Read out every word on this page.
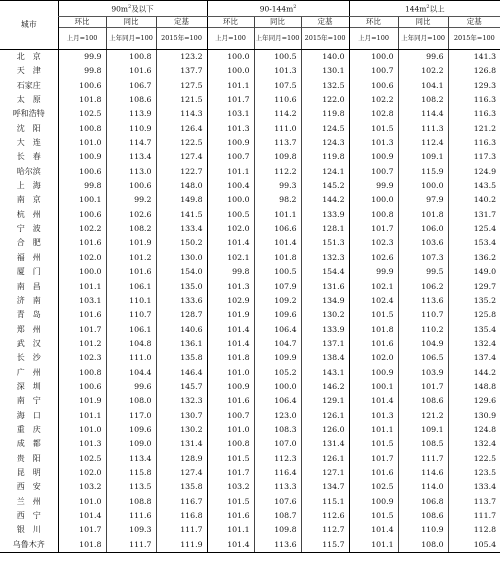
城市	$90m^2$及以下			$90-144m^2$			$144m^2$以上		
	环比	同比	定基	环比	同比	定基	环比	同比	定基
	上月=100	上年同月=100	2015年=100	上月=100	上年同月=100	2015年=100	上月=100	上年同月=100	2015年=100
北　京	99.9	100.8	123.2	100.0	100.5	140.0	100.0	99.6	141.3
天　津	99.8	101.6	137.7	100.0	101.3	130.1	100.7	102.2	126.8
石家庄	100.6	106.7	127.5	101.1	107.5	132.5	100.6	104.1	129.3
太　原	101.8	108.6	121.5	101.7	110.6	122.0	102.2	108.2	116.3
呼和浩特	102.5	113.9	114.3	103.1	114.2	119.8	102.8	114.4	116.3
沈　阳	100.8	110.9	126.4	101.3	111.0	124.5	101.5	111.3	121.2
大　连	101.0	114.7	122.5	100.9	113.7	124.3	101.3	112.4	116.3
长　春	100.9	113.4	127.4	100.7	109.8	119.8	100.9	109.1	117.3
哈尔滨	100.6	113.0	122.7	101.1	112.2	124.1	100.7	115.9	124.9
上　海	99.8	100.6	148.0	100.4	99.3	145.2	99.9	100.0	143.5
南　京	100.1	99.2	149.8	100.0	98.2	144.2	100.0	97.9	140.2
杭　州	100.6	102.6	141.5	100.5	101.1	133.9	100.8	101.8	131.7
宁　波	102.2	108.2	133.4	102.0	106.6	128.1	101.7	106.0	125.4
合　肥	101.6	101.9	150.2	101.4	101.4	151.3	102.3	103.6	153.4
福　州	102.0	101.2	130.0	102.1	101.8	132.3	102.6	107.3	136.2
厦　门	100.0	101.6	154.0	99.8	100.5	154.4	99.9	99.5	149.0
南　昌	101.1	106.1	135.0	101.3	107.9	131.6	102.1	106.2	129.7
济　南	103.1	110.1	133.6	102.9	109.2	134.9	102.4	113.6	135.2
青　岛	101.6	110.7	128.7	101.9	109.6	130.2	101.5	110.7	125.8
郑　州	101.7	106.1	140.6	101.4	106.4	133.9	101.8	110.2	135.4
武　汉	101.2	104.8	136.1	101.4	104.7	137.1	101.6	104.9	132.4
长　沙	102.3	111.0	135.8	101.8	109.9	138.4	102.0	106.5	137.4
广　州	100.8	104.4	146.4	101.0	105.2	143.1	100.9	103.9	144.2
深　圳	100.6	99.6	145.7	100.9	100.0	146.2	100.1	101.7	148.8
南　宁	101.9	108.0	132.3	101.6	106.4	129.1	101.4	108.6	129.6
海　口	101.1	117.0	130.7	100.7	123.0	126.1	101.3	121.2	130.9
重　庆	101.0	109.6	130.2	101.0	108.3	126.0	101.1	109.1	124.8
成　都	101.3	109.0	131.4	100.8	107.0	131.4	101.5	108.5	132.4
贵　阳	102.5	113.4	128.9	101.5	112.3	126.1	101.7	111.7	122.5
昆　明	102.0	115.8	127.4	101.7	116.4	127.1	101.6	114.6	123.5
西　安	103.2	113.5	135.8	103.2	113.3	134.7	102.5	114.0	133.4
兰　州	101.0	108.8	116.7	101.5	107.6	115.1	100.9	106.8	113.7
西　宁	101.4	111.6	116.8	101.6	108.7	112.6	101.5	108.6	111.7
银　川	101.7	109.3	111.7	101.1	109.8	112.7	101.4	110.9	112.8
乌鲁木齐	101.8	111.7	111.9	101.4	113.6	115.7	101.1	108.0	105.4
